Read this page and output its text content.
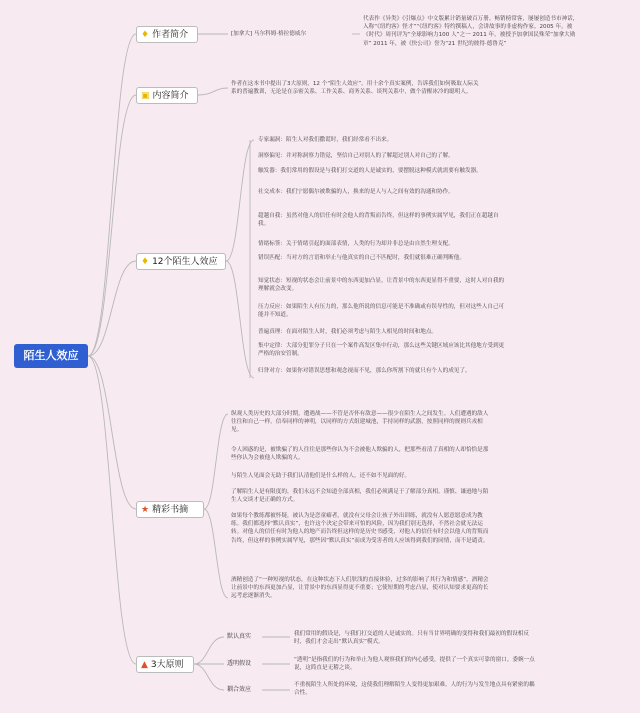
陌生人效应
♦ 作者简介	[加拿大] 马尔科姆·格拉德威尔

代表作《异类》《引爆点》中文版累计销量破百万册。畅销榜常客，屡屡创造书市神话，入称“《纽约客》怪才”“《纽约客》特约撰稿人，会讲故事的非虚构作家。2005 年，被《时代》周刊评为“全球影响力100 人”之一 2011 年，被授予加拿国民殊荣“加拿大勋章” 2011 年，被《快公司》誉为“21 世纪的彼得·德鲁克”

▣ 内容简介

作者在这本书中提出了3大原则，12 个“陌生人效应”。用十余个真实案例，告诉我们如何吸取人际关系的普遍教训，无论是在亲密关系、工作关系、商务关系、谈判关系中，做个清醒冰冷的聪明人。

♦ 12个陌生人效应

专家漏洞：陌生人对我们撒谎时，我们经常看不出来。

洞察偏见：并对称洞察力错觉，坚信自己对别人的了解超过别人对自己的了解。

触发器：我们常用的假设是与我们打交道的人是诚实的，要摆脱这种模式就需要有触发器。

社交成本：我们宁愿偶尔被欺骗的人，换来的是人与人之间有效的沟通和协作。

超越自我：虽然对他人的信任有时会他人的背叛而告终，但这样的事例实属罕见，我们正在超越自我。

情绪标签：关于情绪引起的面部表情，人类的行为却并非总是由自然生理支配。

错误匹配：当对方的言语和举止与他真实的自己不匹配时，我们就很难正确判断他。

知觉状态：短视的状态会让前景中的东西更加凸显，让背景中的东西更显得不重要，这时人对自我的理解就会改变。

压力反应：如果陌生人有压力的，那么他所说的信息可能是不准确或有误导性的，但对这些人自己可能并不知道。

普遍真理：在面对陌生人时，我们必须考虑与陌生人相见的时间和地点。

集中定律：大部分犯罪分子只在一个案件高发区集中行动，那么这些关键区域应该比其他地方受到更严格的治安管制。

归咎对方：如果你对错误思想和观念视而不见，那么你所割下的就只有个人的成见了。

★ 精彩书摘

纵观人类历史的大部分时期，遭遇战——不管是否怀有敌意——很少在陌生人之间发生。人们遭遇的敌人往往和自己一样，信奉同样的神明，以同样的方式组建城池，手持同样的武器，按照同样的规则兵戎相见。

令人困惑的是，被欺骗了的人往往是那些你认为不会被他人欺骗的人，把那些看清了真相的人却恰恰是那些你认为会被他人欺骗的人。

与陌生人见面会无助于我们认清他们是什么样的人，还不如不见面的好。

了解陌生人是有限度的，我们永远不会知道全部真相，我们必须满足于了解部分真相。谨慎、谦逊地与陌生人交谈才是正确的方式。

如果每个教练都被怀疑，被认为是恋童癖者，就没有父母会让孩子外出训练，就没有人愿意愿意成为教练。我们都选择“默认真实”，也许这个决定会带来可怕的风险，因为我们别无选择，不然社会就无法运转。对他人的信任有时为他人的地产而告终但这样的是历史书感受，对他人的信任有时会以他人的背叛而告终，但这样的事例实属罕见，那些因“默认真实”而成为受害者的人应该得到我们的同情，而不是谴责。

酒精创造了“一种短视的状态，在这种状态下人们肤浅的直接体验，过多的影响了其行为和情感”。酒精会让前景中的东西更加凸显，让背景中的东西显得更不重要；它使短期的考虑凸显，使对认知要求更高的长远考虑逐渐消失。

▲ 3大原则
默认真实	我们常用的假设是，与我们打交道的人是诚实的。只有当甘界明确的变得和我们最初的假设相反时，我们才会走出“默认真实”模式。

透明假设	“透明”是指我们的行为和举止为他人观察我们的内心感受，提供了一个真实可靠的窗口。委婉一点说，这简直是无稽之谈。

耦合效应

不重视陌生人所处的环境，这使我们理解陌生人变得更加艰难。人的行为与发生地点具有紧密的耦合性。
